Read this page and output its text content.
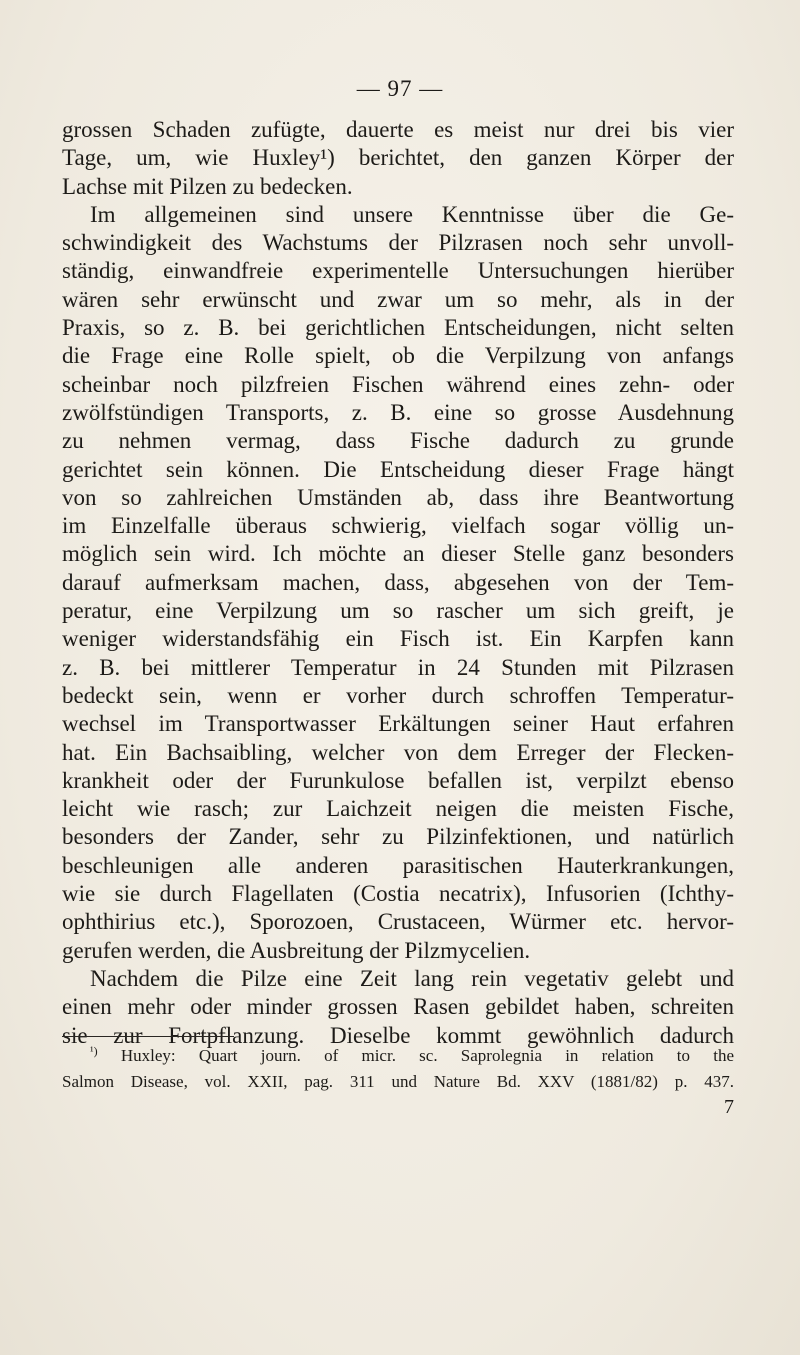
— 97 —

grossen Schaden zufügte, dauerte es meist nur drei bis vier
Tage, um, wie Huxley¹) berichtet, den ganzen Körper der
Lachse mit Pilzen zu bedecken.

Im allgemeinen sind unsere Kenntnisse über die Ge-
schwindigkeit des Wachstums der Pilzrasen noch sehr unvoll-
ständig, einwandfreie experimentelle Untersuchungen hierüber
wären sehr erwünscht und zwar um so mehr, als in der
Praxis, so z. B. bei gerichtlichen Entscheidungen, nicht selten
die Frage eine Rolle spielt, ob die Verpilzung von anfangs
scheinbar noch pilzfreien Fischen während eines zehn- oder
zwölfstündigen Transports, z. B. eine so grosse Ausdehnung
zu nehmen vermag, dass Fische dadurch zu grunde
gerichtet sein können. Die Entscheidung dieser Frage hängt
von so zahlreichen Umständen ab, dass ihre Beantwortung
im Einzelfalle überaus schwierig, vielfach sogar völlig un-
möglich sein wird. Ich möchte an dieser Stelle ganz besonders
darauf aufmerksam machen, dass, abgesehen von der Tem-
peratur, eine Verpilzung um so rascher um sich greift, je
weniger widerstandsfähig ein Fisch ist. Ein Karpfen kann
z. B. bei mittlerer Temperatur in 24 Stunden mit Pilzrasen
bedeckt sein, wenn er vorher durch schroffen Temperatur-
wechsel im Transportwasser Erkältungen seiner Haut erfahren
hat. Ein Bachsaibling, welcher von dem Erreger der Flecken-
krankheit oder der Furunkulose befallen ist, verpilzt ebenso
leicht wie rasch; zur Laichzeit neigen die meisten Fische,
besonders der Zander, sehr zu Pilzinfektionen, und natürlich
beschleunigen alle anderen parasitischen Hauterkrankungen,
wie sie durch Flagellaten (Costia necatrix), Infusorien (Ichthy-
ophthirius etc.), Sporozoen, Crustaceen, Würmer etc. hervor-
gerufen werden, die Ausbreitung der Pilzmycelien.

Nachdem die Pilze eine Zeit lang rein vegetativ gelebt und
einen mehr oder minder grossen Rasen gebildet haben, schreiten
sie zur Fortpflanzung. Dieselbe kommt gewöhnlich dadurch

$^{^1)}$ Huxley: Quart journ. of micr. sc. Saprolegnia in relation to the
Salmon Disease, vol. XXII, pag. 311 und Nature Bd. XXV (1881/82) p. 437.
7
